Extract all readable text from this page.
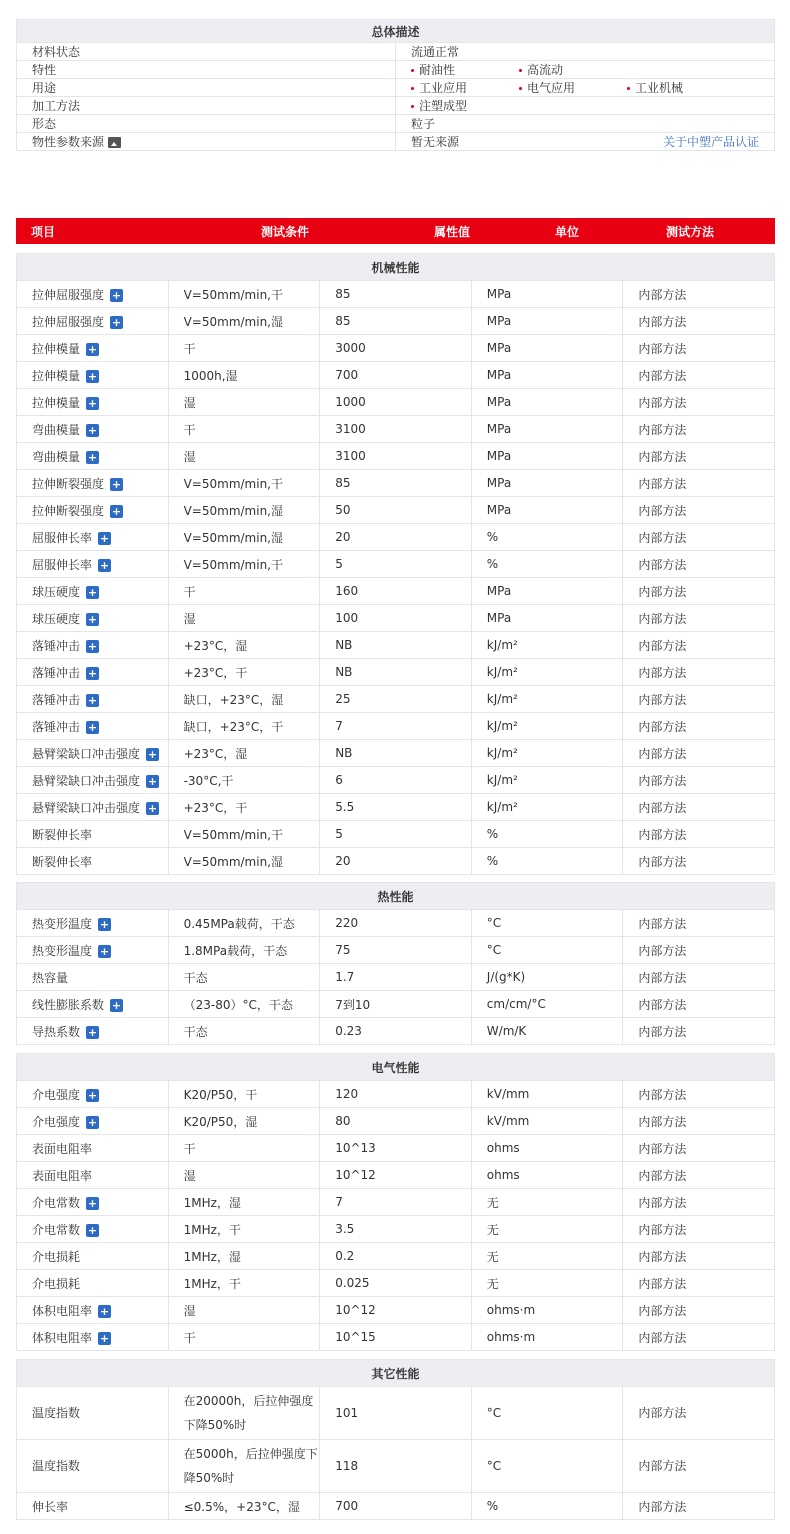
总体描述	
材料状态	流通正常
特性	耐油性 高流动
用途	工业应用 电气应用 工业机械
加工方法	注塑成型
形态	粒子
物性参数来源	暂无来源 关于中塑产品认证
项目	测试条件	属性值	单位	测试方法
机械性能				
拉伸屈服强度 +	V=50mm/min,干	85	MPa	内部方法
拉伸屈服强度 +	V=50mm/min,湿	85	MPa	内部方法
拉伸模量 +	干	3000	MPa	内部方法
拉伸模量 +	1000h,湿	700	MPa	内部方法
拉伸模量 +	湿	1000	MPa	内部方法
弯曲模量 +	干	3100	MPa	内部方法
弯曲模量 +	湿	3100	MPa	内部方法
拉伸断裂强度 +	V=50mm/min,干	85	MPa	内部方法
拉伸断裂强度 +	V=50mm/min,湿	50	MPa	内部方法
屈服伸长率 +	V=50mm/min,湿	20	%	内部方法
屈服伸长率 +	V=50mm/min,干	5	%	内部方法
球压硬度 +	干	160	MPa	内部方法
球压硬度 +	湿	100	MPa	内部方法
落锤冲击 +	+23°C，湿	NB	kJ/m²	内部方法
落锤冲击 +	+23°C，干	NB	kJ/m²	内部方法
落锤冲击 +	缺口，+23°C，湿	25	kJ/m²	内部方法
落锤冲击 +	缺口，+23°C，干	7	kJ/m²	内部方法
悬臂梁缺口冲击强度 +	+23°C，湿	NB	kJ/m²	内部方法
悬臂梁缺口冲击强度 +	-30°C,干	6	kJ/m²	内部方法
悬臂梁缺口冲击强度 +	+23°C，干	5.5	kJ/m²	内部方法
断裂伸长率	V=50mm/min,干	5	%	内部方法
断裂伸长率	V=50mm/min,湿	20	%	内部方法
热性能				
热变形温度 +	0.45MPa载荷，干态	220	°C	内部方法
热变形温度 +	1.8MPa载荷，干态	75	°C	内部方法
热容量	干态	1.7	J/(g*K)	内部方法
线性膨胀系数 +	（23-80）°C，干态	7到10	cm/cm/°C	内部方法
导热系数 +	干态	0.23	W/m/K	内部方法
电气性能				
介电强度 +	K20/P50，干	120	kV/mm	内部方法
介电强度 +	K20/P50，湿	80	kV/mm	内部方法
表面电阻率	干	10^13	ohms	内部方法
表面电阻率	湿	10^12	ohms	内部方法
介电常数 +	1MHz，湿	7	无	内部方法
介电常数 +	1MHz，干	3.5	无	内部方法
介电损耗	1MHz，湿	0.2	无	内部方法
介电损耗	1MHz，干	0.025	无	内部方法
体积电阻率 +	湿	10^12	ohms·m	内部方法
体积电阻率 +	干	10^15	ohms·m	内部方法
其它性能				
温度指数	在20000h，后拉伸强度下降50%时	101	°C	内部方法
温度指数	在5000h，后拉伸强度下降50%时	118	°C	内部方法
伸长率	≤0.5%，+23°C，湿	700	%	内部方法
